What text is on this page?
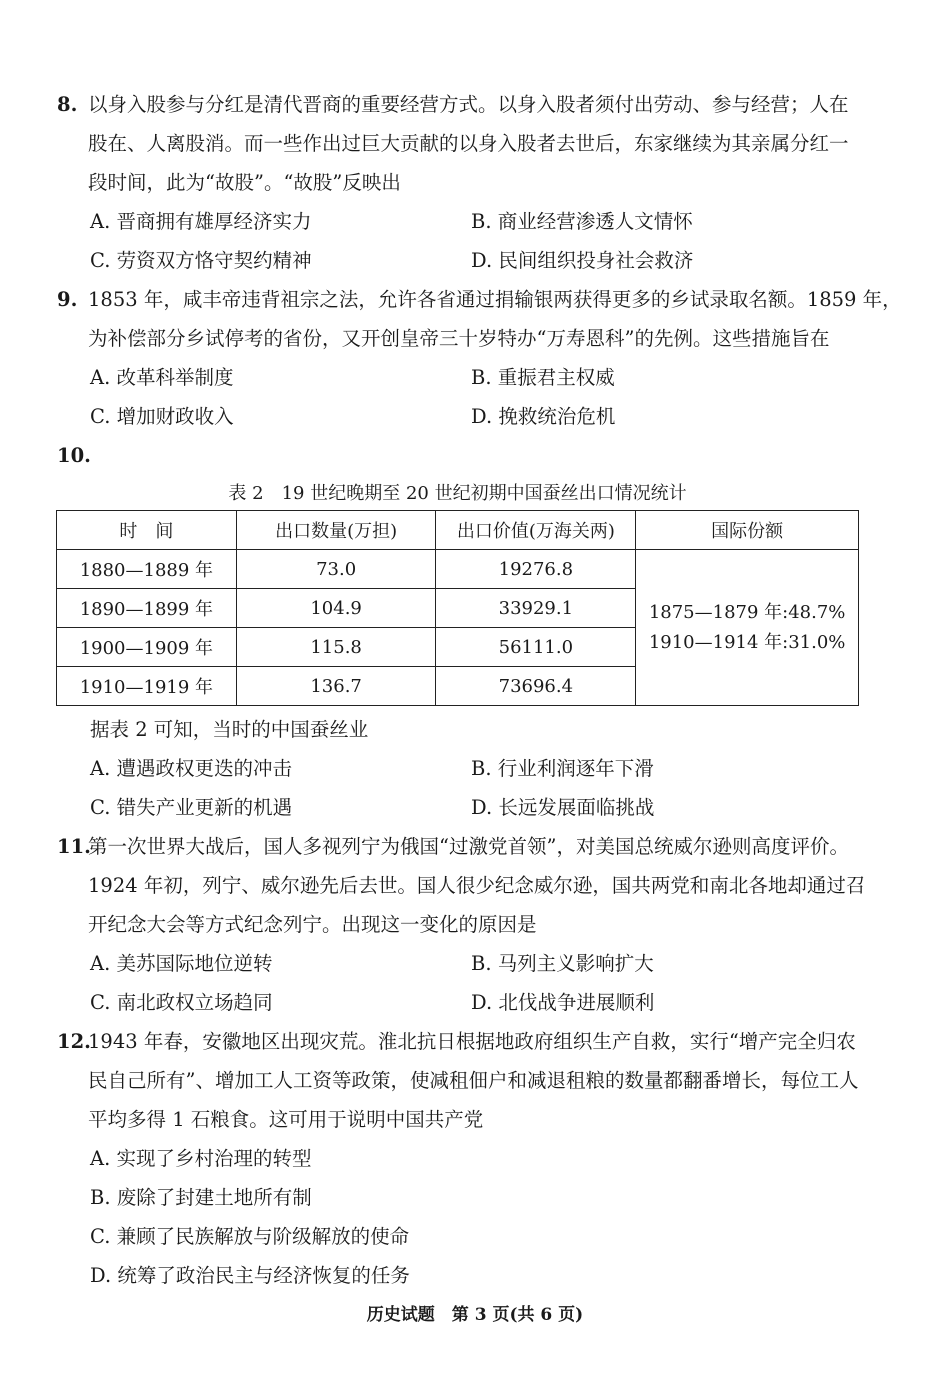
8. 以身入股参与分红是清代晋商的重要经营方式。以身入股者须付出劳动、参与经营；人在
股在、人离股消。而一些作出过巨大贡献的以身入股者去世后，东家继续为其亲属分红一
段时间，此为“故股”。“故股”反映出
A. 晋商拥有雄厚经济实力	B. 商业经营渗透人文情怀
C. 劳资双方恪守契约精神	D. 民间组织投身社会救济
9. 1853 年，咸丰帝违背祖宗之法，允许各省通过捐输银两获得更多的乡试录取名额。1859 年，
为补偿部分乡试停考的省份，又开创皇帝三十岁特办“万寿恩科”的先例。这些措施旨在
A. 改革科举制度	B. 重振君主权威
C. 增加财政收入	D. 挽救统治危机
10.
表 2　19 世纪晚期至 20 世纪初期中国蚕丝出口情况统计
时　间	出口数量(万担)	出口价值(万海关两)	国际份额
1880—1889 年	73.0	19276.8	1875—1879 年:48.7%
1910—1914 年:31.0%

1890—1899 年	104.9	33929.1	
1900—1909 年	115.8	56111.0	
1910—1919 年	136.7	73696.4	
据表 2 可知，当时的中国蚕丝业
A. 遭遇政权更迭的冲击	B. 行业利润逐年下滑
C. 错失产业更新的机遇	D. 长远发展面临挑战
11.
第一次世界大战后，国人多视列宁为俄国“过激党首领”，对美国总统威尔逊则高度评价。
1924 年初，列宁、威尔逊先后去世。国人很少纪念威尔逊，国共两党和南北各地却通过召
开纪念大会等方式纪念列宁。出现这一变化的原因是
A. 美苏国际地位逆转	B. 马列主义影响扩大
C. 南北政权立场趋同	D. 北伐战争进展顺利
12.
1943 年春，安徽地区出现灾荒。淮北抗日根据地政府组织生产自救，实行“增产完全归农
民自己所有”、增加工人工资等政策，使减租佃户和减退租粮的数量都翻番增长，每位工人
平均多得 1 石粮食。这可用于说明中国共产党
A. 实现了乡村治理的转型
B. 废除了封建土地所有制
C. 兼顾了民族解放与阶级解放的使命
D. 统筹了政治民主与经济恢复的任务
历史试题　第 3 页(共 6 页)
